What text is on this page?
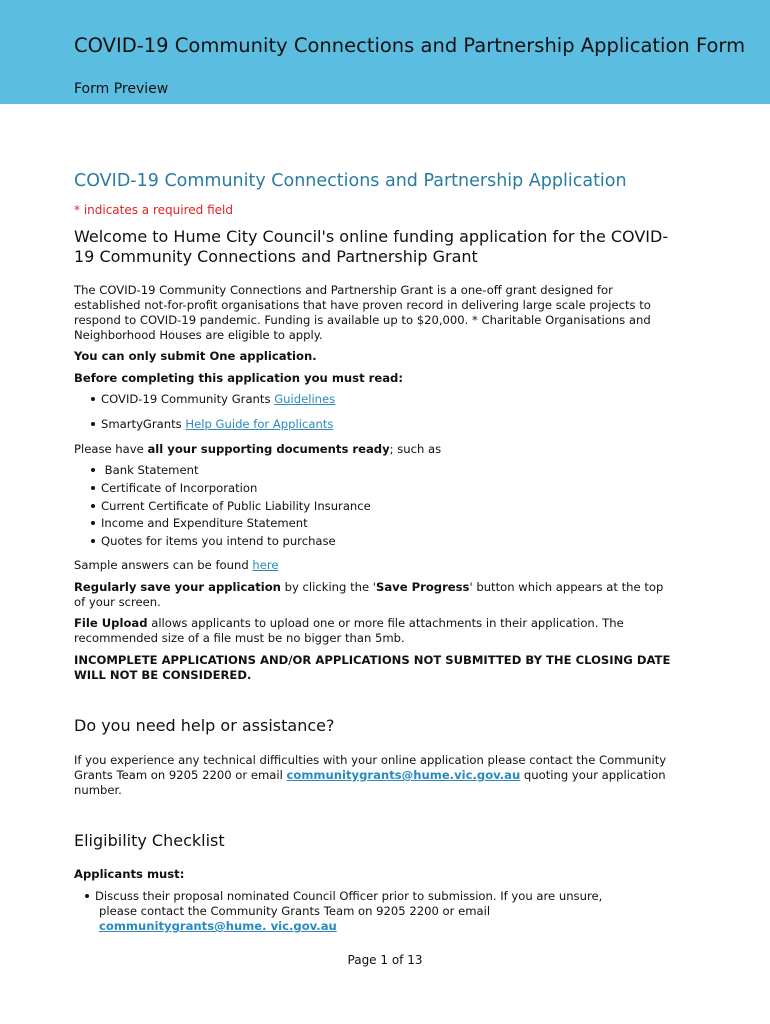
COVID-19 Community Connections and Partnership Application Form
Form Preview
COVID-19 Community Connections and Partnership Application
* indicates a required field
Welcome to Hume City Council's online funding application for the COVID-19 Community Connections and Partnership Grant
The COVID-19 Community Connections and Partnership Grant is a one-off grant designed for established not-for-profit organisations that have proven record in delivering large scale projects to respond to COVID-19 pandemic. Funding is available up to $20,000. * Charitable Organisations and Neighborhood Houses are eligible to apply.
You can only submit One application.
Before completing this application you must read:
COVID-19 Community Grants Guidelines
SmartyGrants Help Guide for Applicants
Please have all your supporting documents ready; such as
Bank Statement
Certificate of Incorporation
Current Certificate of Public Liability Insurance
Income and Expenditure Statement
Quotes for items you intend to purchase
Sample answers can be found here
Regularly save your application by clicking the 'Save Progress' button which appears at the top of your screen.
File Upload allows applicants to upload one or more file attachments in their application. The recommended size of a file must be no bigger than 5mb.
INCOMPLETE APPLICATIONS AND/OR APPLICATIONS NOT SUBMITTED BY THE CLOSING DATE WILL NOT BE CONSIDERED.
Do you need help or assistance?
If you experience any technical difficulties with your online application please contact the Community Grants Team on 9205 2200 or email communitygrants@hume.vic.gov.au quoting your application number.
Eligibility Checklist
Applicants must:
Discuss their proposal nominated Council Officer prior to submission. If you are unsure, please contact the Community Grants Team on 9205 2200 or email communitygrants@hume. vic.gov.au
Page 1 of 13
